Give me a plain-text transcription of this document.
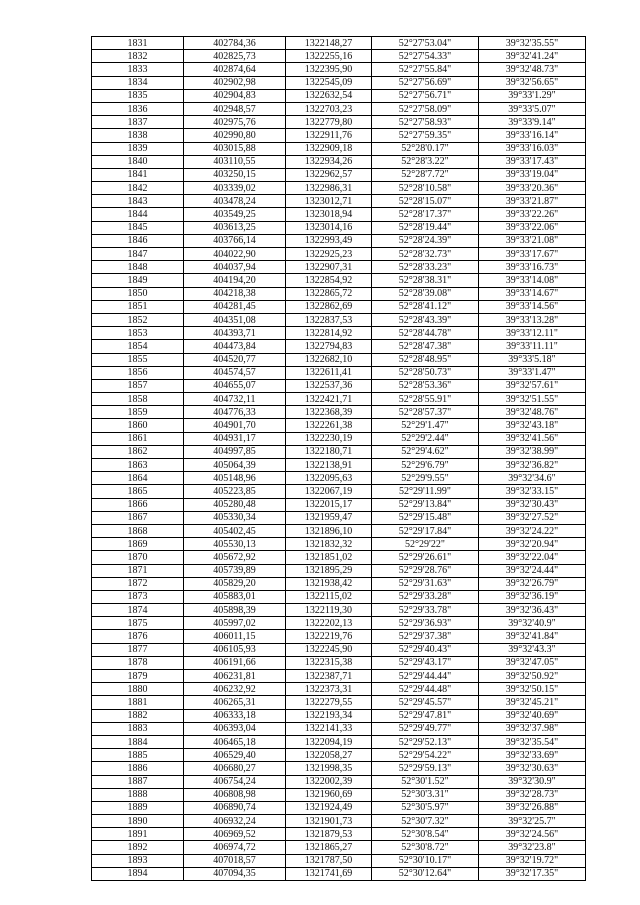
1831	402784,36	1322148,27	52°27'53.04"	39°32'35.55"
1832	402825,73	1322255,16	52°27'54.33"	39°32'41.24"
1833	402874,64	1322395,90	52°27'55.84"	39°32'48.73"
1834	402902,98	1322545,09	52°27'56.69"	39°32'56.65"
1835	402904,83	1322632,54	52°27'56.71"	39°33'1.29"
1836	402948,57	1322703,23	52°27'58.09"	39°33'5.07"
1837	402975,76	1322779,80	52°27'58.93"	39°33'9.14"
1838	402990,80	1322911,76	52°27'59.35"	39°33'16.14"
1839	403015,88	1322909,18	52°28'0.17"	39°33'16.03"
1840	403110,55	1322934,26	52°28'3.22"	39°33'17.43"
1841	403250,15	1322962,57	52°28'7.72"	39°33'19.04"
1842	403339,02	1322986,31	52°28'10.58"	39°33'20.36"
1843	403478,24	1323012,71	52°28'15.07"	39°33'21.87"
1844	403549,25	1323018,94	52°28'17.37"	39°33'22.26"
1845	403613,25	1323014,16	52°28'19.44"	39°33'22.06"
1846	403766,14	1322993,49	52°28'24.39"	39°33'21.08"
1847	404022,90	1322925,23	52°28'32.73"	39°33'17.67"
1848	404037,94	1322907,31	52°28'33.23"	39°33'16.73"
1849	404194,20	1322854,92	52°28'38.31"	39°33'14.08"
1850	404218,38	1322865,72	52°28'39.08"	39°33'14.67"
1851	404281,45	1322862,69	52°28'41.12"	39°33'14.56"
1852	404351,08	1322837,53	52°28'43.39"	39°33'13.28"
1853	404393,71	1322814,92	52°28'44.78"	39°33'12.11"
1854	404473,84	1322794,83	52°28'47.38"	39°33'11.11"
1855	404520,77	1322682,10	52°28'48.95"	39°33'5.18"
1856	404574,57	1322611,41	52°28'50.73"	39°33'1.47"
1857	404655,07	1322537,36	52°28'53.36"	39°32'57.61"
1858	404732,11	1322421,71	52°28'55.91"	39°32'51.55"
1859	404776,33	1322368,39	52°28'57.37"	39°32'48.76"
1860	404901,70	1322261,38	52°29'1.47"	39°32'43.18"
1861	404931,17	1322230,19	52°29'2.44"	39°32'41.56"
1862	404997,85	1322180,71	52°29'4.62"	39°32'38.99"
1863	405064,39	1322138,91	52°29'6.79"	39°32'36.82"
1864	405148,96	1322095,63	52°29'9.55"	39°32'34.6"
1865	405223,85	1322067,19	52°29'11.99"	39°32'33.15"
1866	405280,48	1322015,17	52°29'13.84"	39°32'30.43"
1867	405330,34	1321959,47	52°29'15.48"	39°32'27.52"
1868	405402,45	1321896,10	52°29'17.84"	39°32'24.22"
1869	405530,13	1321832,32	52°29'22"	39°32'20.94"
1870	405672,92	1321851,02	52°29'26.61"	39°32'22.04"
1871	405739,89	1321895,29	52°29'28.76"	39°32'24.44"
1872	405829,20	1321938,42	52°29'31.63"	39°32'26.79"
1873	405883,01	1322115,02	52°29'33.28"	39°32'36.19"
1874	405898,39	1322119,30	52°29'33.78"	39°32'36.43"
1875	405997,02	1322202,13	52°29'36.93"	39°32'40.9"
1876	406011,15	1322219,76	52°29'37.38"	39°32'41.84"
1877	406105,93	1322245,90	52°29'40.43"	39°32'43.3"
1878	406191,66	1322315,38	52°29'43.17"	39°32'47.05"
1879	406231,81	1322387,71	52°29'44.44"	39°32'50.92"
1880	406232,92	1322373,31	52°29'44.48"	39°32'50.15"
1881	406265,31	1322279,55	52°29'45.57"	39°32'45.21"
1882	406333,18	1322193,34	52°29'47.81"	39°32'40.69"
1883	406393,04	1322141,33	52°29'49.77"	39°32'37.98"
1884	406465,18	1322094,19	52°29'52.13"	39°32'35.54"
1885	406529,40	1322058,27	52°29'54.22"	39°32'33.69"
1886	406680,27	1321998,35	52°29'59.13"	39°32'30.63"
1887	406754,24	1322002,39	52°30'1.52"	39°32'30.9"
1888	406808,98	1321960,69	52°30'3.31"	39°32'28.73"
1889	406890,74	1321924,49	52°30'5.97"	39°32'26.88"
1890	406932,24	1321901,73	52°30'7.32"	39°32'25.7"
1891	406969,52	1321879,53	52°30'8.54"	39°32'24.56"
1892	406974,72	1321865,27	52°30'8.72"	39°32'23.8"
1893	407018,57	1321787,50	52°30'10.17"	39°32'19.72"
1894	407094,35	1321741,69	52°30'12.64"	39°32'17.35"
